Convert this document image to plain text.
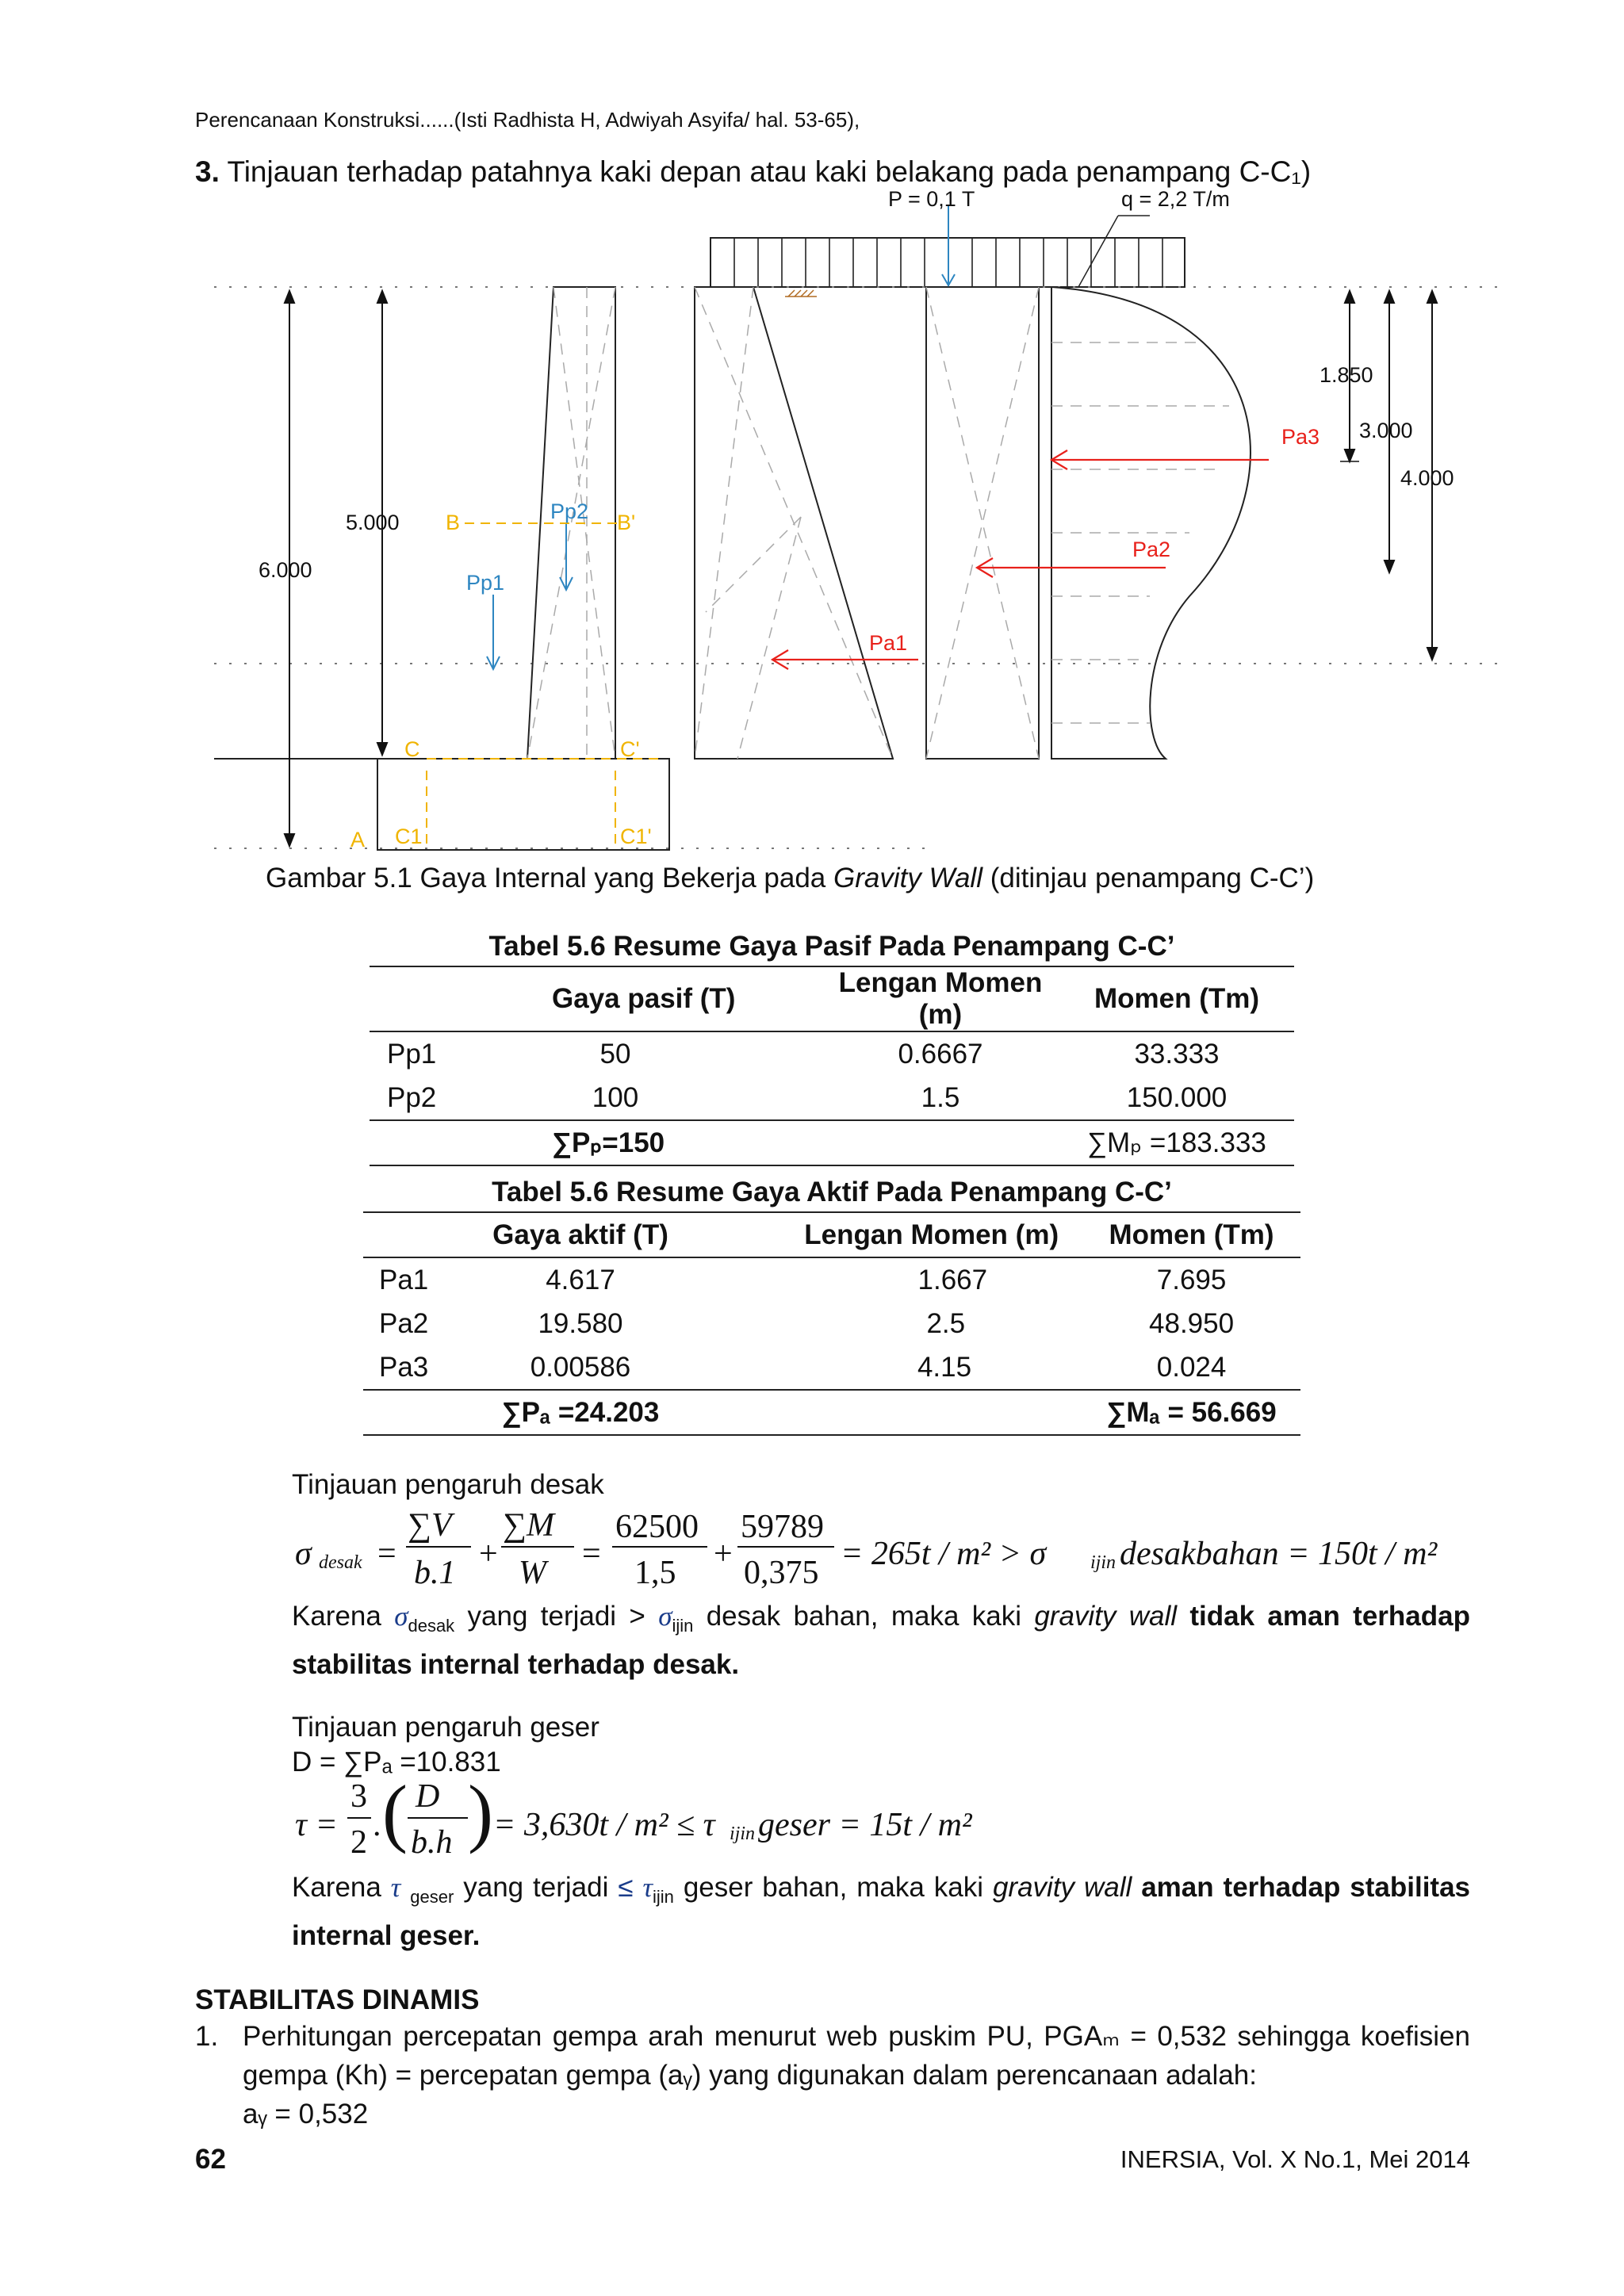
Perencanaan Konstruksi......(Isti Radhista H, Adwiyah Asyifa/ hal. 53-65),
3. Tinjauan terhadap patahnya kaki depan atau kaki belakang pada penampang C-C₁)
P = 0,1 T	q = 2,2 T/m
1.850
3.000
4.000
5.000
6.000
Pa3
Pa2
Pa1
Pp1
Pp2
B	B'
C	C'
A C1	C1'
Gambar 5.1 Gaya Internal yang Bekerja pada Gravity Wall (ditinjau penampang C-C’)
Tabel 5.6 Resume Gaya Pasif Pada Penampang C-C’
	Gaya pasif (T)	Lengan Momen (m)	Momen (Tm)
Pp1	50	0.6667	33.333
Pp2	100	1.5	150.000
	∑Pₚ=150		∑Mₚ =183.333
Tabel 5.6 Resume Gaya Aktif Pada Penampang C-C’
	Gaya aktif (T)	Lengan Momen (m)	Momen (Tm)
Pa1	4.617	1.667	7.695
Pa2	19.580	2.5	48.950
Pa3	0.00586	4.15	0.024
	∑Pₐ =24.203		∑Mₐ = 56.669
Tinjauan pengaruh desak
σ desak =
∑V
b.1
+
∑M
W
=
62500
1,5
+
59789
0,375
= 265t / m² > σ ijin desakbahan = 150t / m²
Karena $\sigma_{desak}$ yang terjadi > $\sigma_{ijin}$ desak bahan, maka kaki gravity wall tidak aman terhadap stabilitas internal terhadap desak.
Tinjauan pengaruh geser
D = ∑Pₐ =10.831
τ =
3
2 . ( D
b.h ) = 3,630t / m² ≤ τ ijin geser = 15t / m²
Karena τ $_{geser}$ yang terjadi ≤ $\tau_{ijin}$ geser bahan, maka kaki gravity wall aman terhadap stabilitas internal geser.
STABILITAS DINAMIS
1. Perhitungan percepatan gempa arah menurut web puskim PU, PGAₘ = 0,532 sehingga koefisien gempa (Kh) = percepatan gempa (aᵧ) yang digunakan dalam perencanaan adalah:
aᵧ = 0,532
62	INERSIA, Vol. X No.1, Mei 2014
